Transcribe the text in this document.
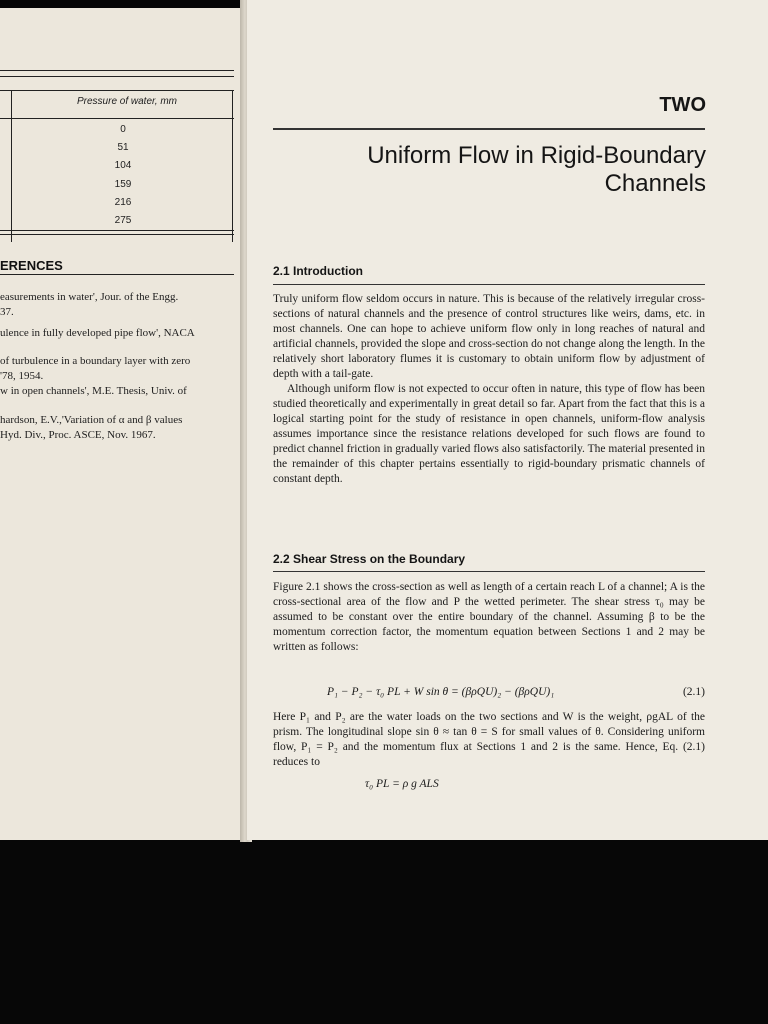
Pressure of water, mm
0
51
104
159
216
275
ERENCES
easurements in water', Jour. of the Engg.
37.
ulence in fully developed pipe flow', NACA
of turbulence in a boundary layer with zero
'78, 1954.
w in open channels', M.E. Thesis, Univ. of
hardson, E.V.,'Variation of α and β values
Hyd. Div., Proc. ASCE, Nov. 1967.
TWO
Uniform Flow in Rigid-Boundary Channels
2.1 Introduction

Truly uniform flow seldom occurs in nature. This is because of the relatively irregular cross-sections of natural channels and the presence of control structures like weirs, dams, etc. in most channels. One can hope to achieve uniform flow only in long reaches of natural and artificial channels, provided the slope and cross-section do not change along the length. In the relatively short laboratory flumes it is customary to obtain uniform flow by adjustment of depth with a tail-gate.

Although uniform flow is not expected to occur often in nature, this type of flow has been studied theoretically and experimentally in great detail so far. Apart from the fact that this is a logical starting point for the study of resistance in open channels, uniform-flow analysis assumes importance since the resistance relations developed for such flows are found to predict channel friction in gradually varied flows also satisfactorily. The material presented in the remainder of this chapter pertains essentially to rigid-boundary prismatic channels of constant depth.

2.2 Shear Stress on the Boundary
Figure 2.1 shows the cross-section as well as length of a certain reach L of a channel; A is the cross-sectional area of the flow and P the wetted perimeter. The shear stress τ₀ may be assumed to be constant over the entire boundary of the channel. Assuming β to be the momentum correction factor, the momentum equation between Sections 1 and 2 may be written as follows:
P₁ − P₂ − τ₀ PL + W sin θ = (βρQU)₂ − (βρQU)₁	(2.1)
Here P₁ and P₂ are the water loads on the two sections and W is the weight, ρgAL of the prism. The longitudinal slope sin θ ≈ tan θ = S for small values of θ. Considering uniform flow, P₁ = P₂ and the momentum flux at Sections 1 and 2 is the same. Hence, Eq. (2.1) reduces to
τ₀ PL = ρ g ALS
